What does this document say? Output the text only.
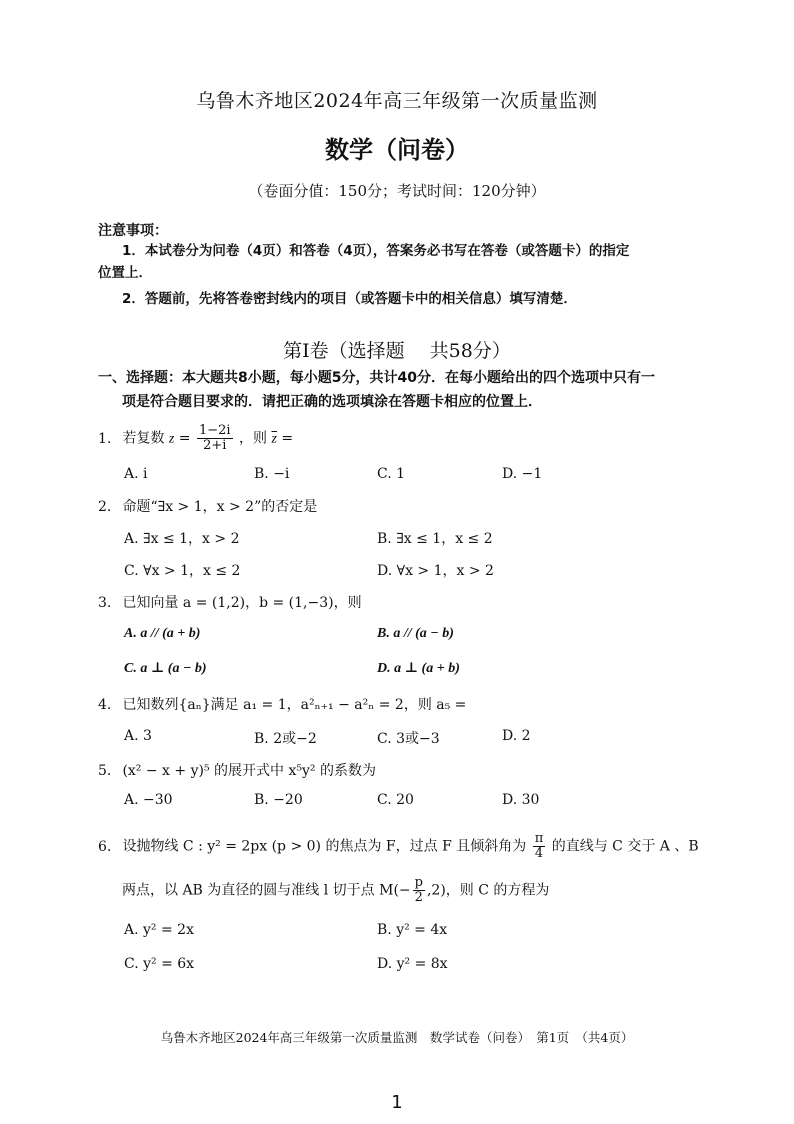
乌鲁木齐地区2024年高三年级第一次质量监测
数学（问卷）
（卷面分值：150分；考试时间：120分钟）
注意事项：
1．本试卷分为问卷（4页）和答卷（4页），答案务必书写在答卷（或答题卡）的指定
位置上．
2．答题前，先将答卷密封线内的项目（或答题卡中的相关信息）填写清楚．
第Ⅰ卷（选择题　 共58分）
一、选择题：本大题共8小题，每小题5分，共计40分．在每小题给出的四个选项中只有一
项是符合题目要求的．请把正确的选项填涂在答题卡相应的位置上．
1. 若复数 $z = \frac{1-2i}{2+i}$ ，则 $\overline{z}$ =
A. i	B. −i	C. 1	D. −1
2. 命题“∃x > 1，x > 2”的否定是
A. ∃x ≤ 1，x > 2	B. ∃x ≤ 1，x ≤ 2
C. ∀x > 1，x ≤ 2	D. ∀x > 1，x > 2
3. 已知向量 a = (1,2)，b = (1,−3)，则
A. a // (a + b)	B. a // (a − b)
C. a ⊥ (a − b)	D. a ⊥ (a + b)
4. 已知数列{aₙ}满足 a₁ = 1，a²ₙ₊₁ − a²ₙ = 2，则 a₅ =
A. 3	B. 2或−2	C. 3或−3	D. 2
5. (x² − x + y)⁵ 的展开式中 x⁵y² 的系数为
A. −30	B. −20	C. 20	D. 30
6. 设抛物线 C : y² = 2px (p > 0) 的焦点为 F，过点 F 且倾斜角为 $\frac{\pi}{4}$ 的直线与 C 交于 A 、B
两点，以 AB 为直径的圆与准线 l 切于点 $M(- \frac{p}{2} ,2)$，则 C 的方程为
A. y² = 2x	B. y² = 4x
C. y² = 6x	D. y² = 8x
乌鲁木齐地区2024年高三年级第一次质量监测　数学试卷（问卷）　第1页　（共4页）
1
